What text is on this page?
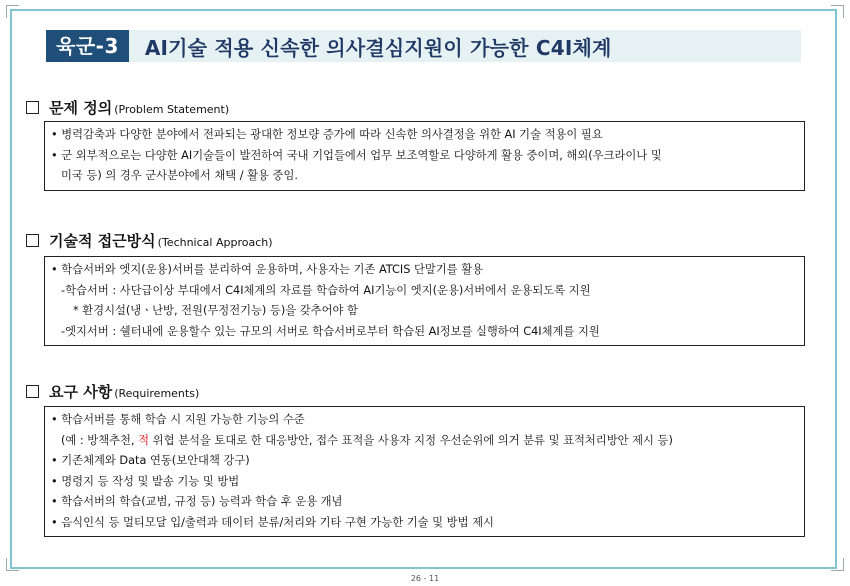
육군-3	AI기술 적용 신속한 의사결심지원이 가능한 C4I체계
문제 정의 (Problem Statement)
• 병력감축과 다양한 분야에서 전파되는 광대한 정보량 증가에 따라 신속한 의사결정을 위한 AI 기술 적용이 필요
• 군 외부적으로는 다양한 AI기술들이 발전하여 국내 기업들에서 업무 보조역할로 다양하게 활용 중이며, 해외(우크라이나 및
미국 등) 의 경우 군사분야에서 채택 / 활용 중임.
기술적 접근방식 (Technical Approach)
• 학습서버와 엣지(운용)서버를 분리하여 운용하며, 사용자는 기존 ATCIS 단말기를 활용
-학습서버 : 사단급이상 부대에서 C4I체계의 자료를 학습하여 AI기능이 엣지(운용)서버에서 운용되도록 지원
* 환경시설(냉ㆍ난방, 전원(무정전기능) 등)을 갖추어야 함
-엣지서버 : 쉘터내에 운용할수 있는 규모의 서버로 학습서버로부터 학습된 AI정보를 실행하여 C4I체계를 지원
요구 사항 (Requirements)
• 학습서버를 통해 학습 시 지원 가능한 기능의 수준
(예 : 방책추천, 적 위협 분석을 토대로 한 대응방안, 접수 표적을 사용자 지정 우선순위에 의거 분류 및 표적처리방안 제시 등)
• 기존체계와 Data 연동(보안대책 강구)
• 명령지 등 작성 및 발송 기능 및 방법
• 학습서버의 학습(교범, 규정 등) 능력과 학습 후 운용 개념
• 음식인식 등 멀티모달 입/출력과 데이터 분류/처리와 기타 구현 가능한 기술 및 방법 제시
26 - 11
